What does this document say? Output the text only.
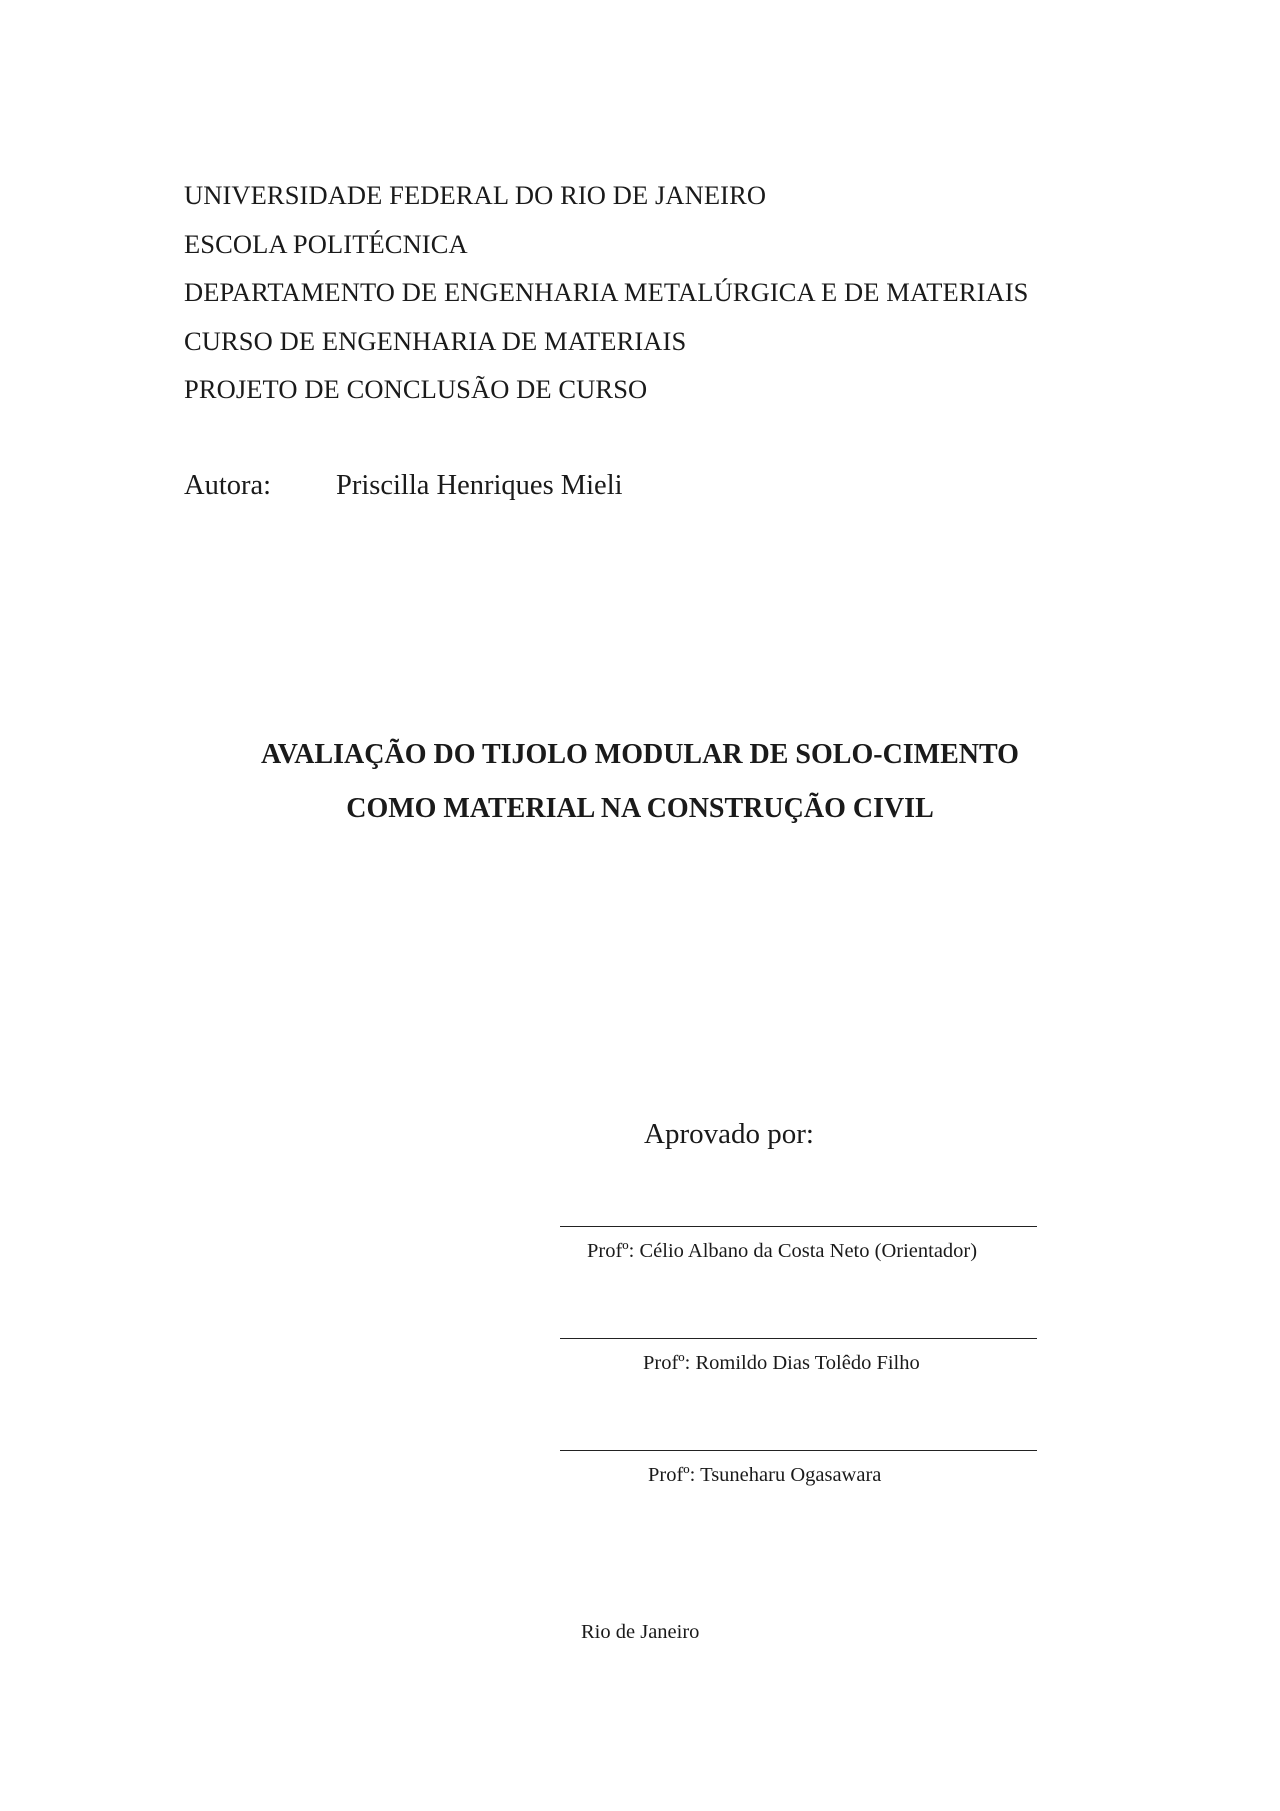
UNIVERSIDADE FEDERAL DO RIO DE JANEIRO
ESCOLA POLITÉCNICA
DEPARTAMENTO DE ENGENHARIA METALÚRGICA E DE MATERIAIS
CURSO DE ENGENHARIA DE MATERIAIS
PROJETO DE CONCLUSÃO DE CURSO
Autora: Priscilla Henriques Mieli
AVALIAÇÃO DO TIJOLO MODULAR DE SOLO-CIMENTO
COMO MATERIAL NA CONSTRUÇÃO CIVIL
Aprovado por:
Profº: Célio Albano da Costa Neto (Orientador)
Profº: Romildo Dias Tolêdo Filho
Profº: Tsuneharu Ogasawara
Rio de Janeiro
